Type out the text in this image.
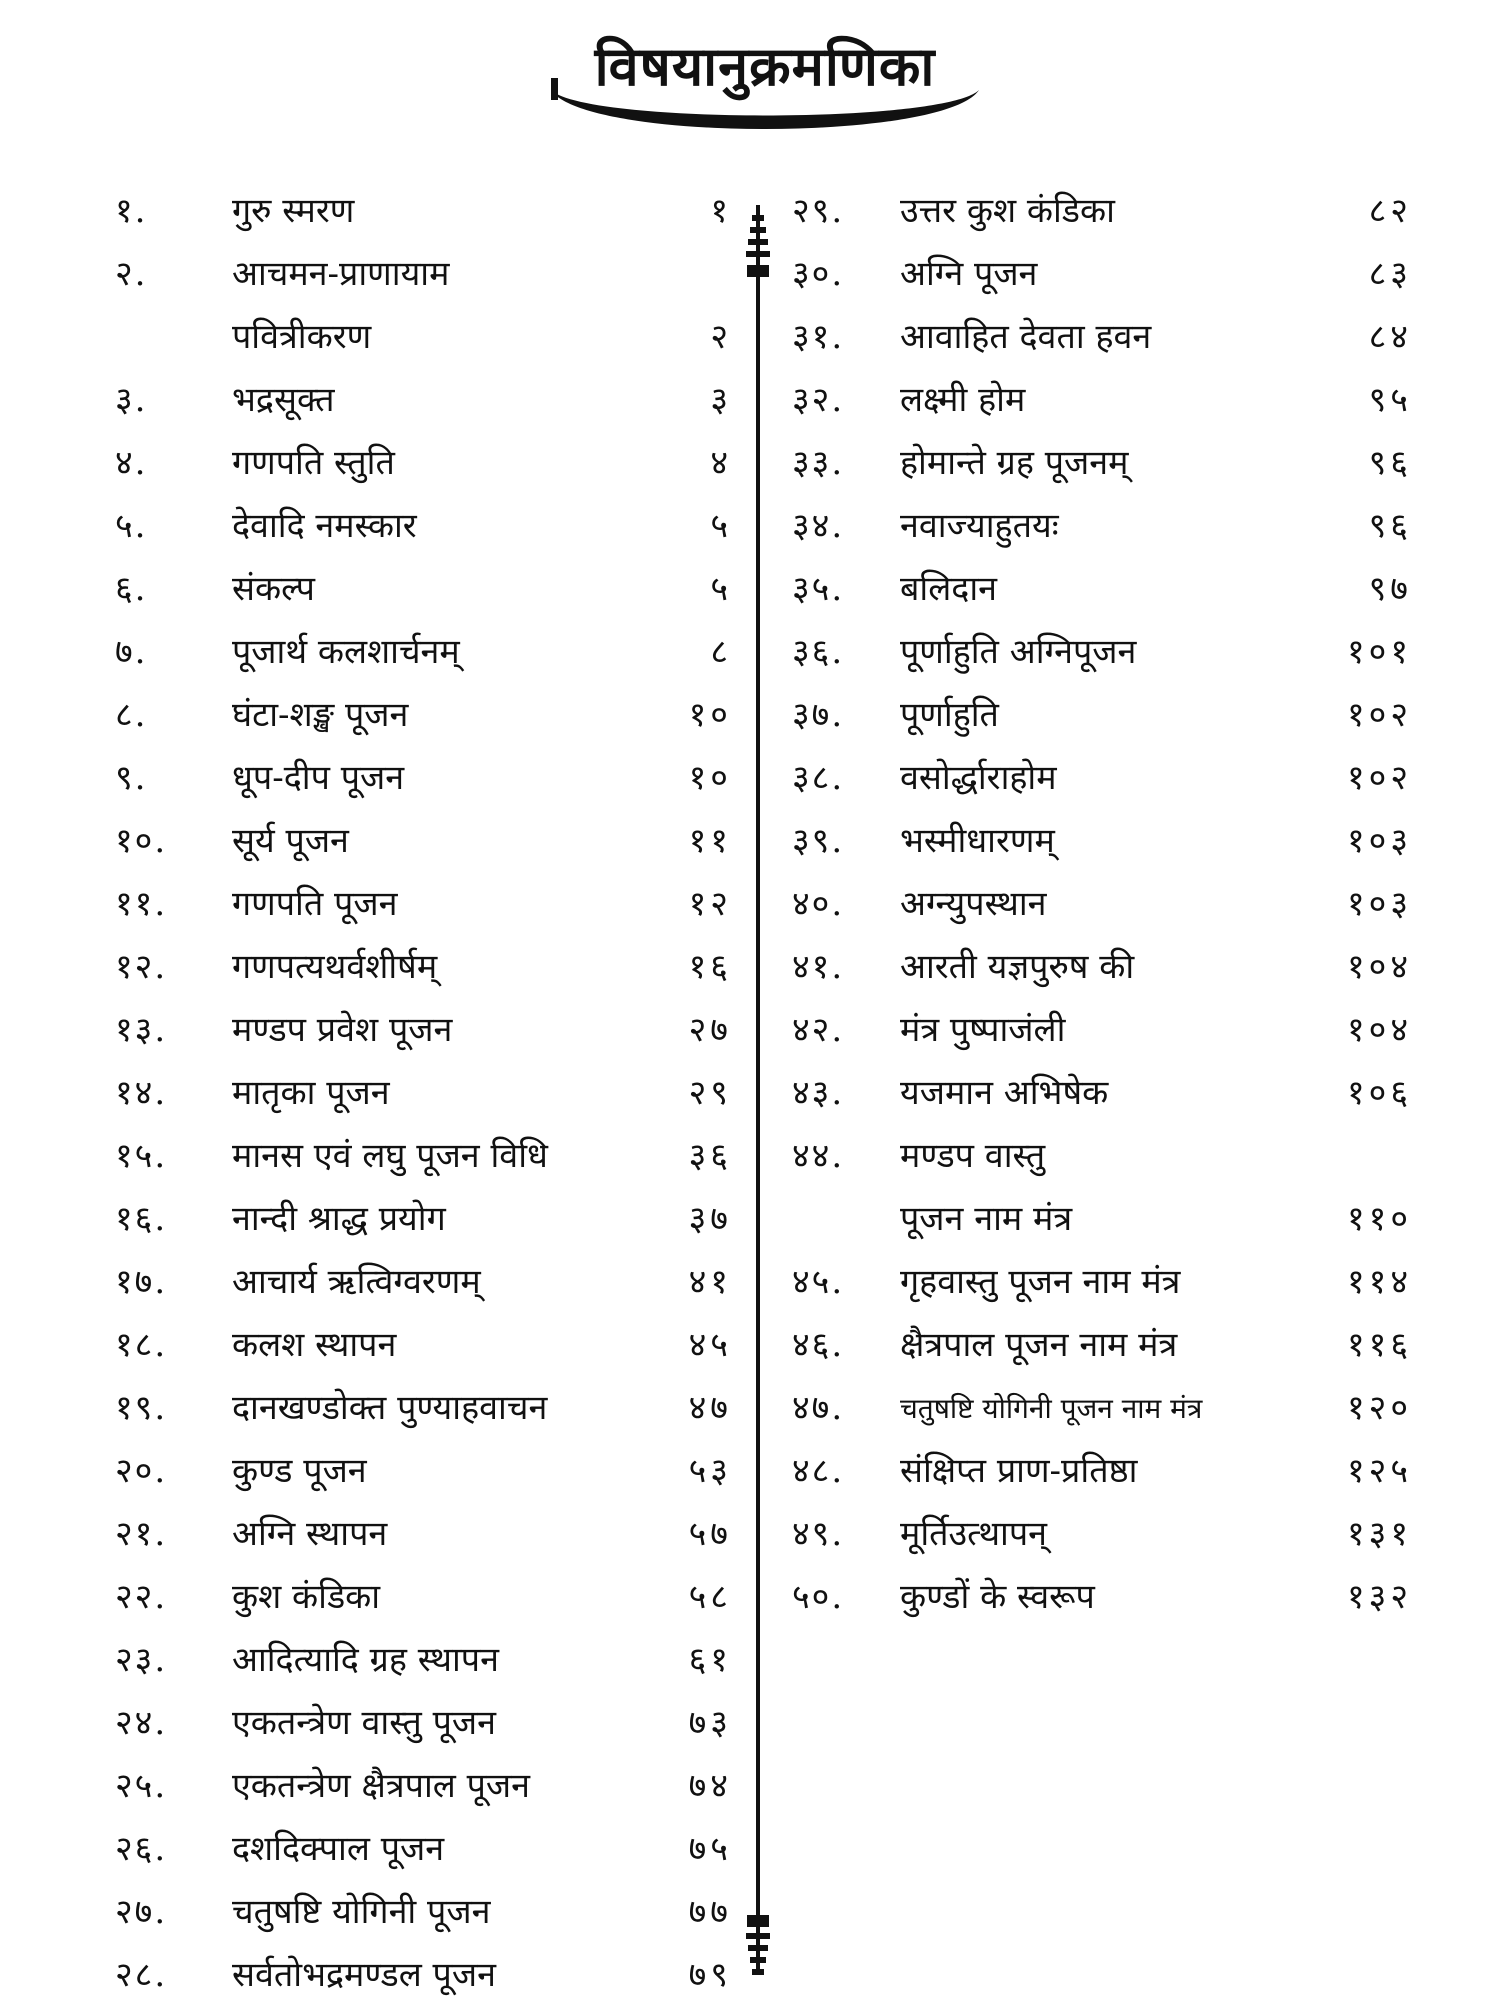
विषयानुक्रमणिका
१. गुरु स्मरण	१
२. आचमन-प्राणायाम
पवित्रीकरण	२
३. भद्रसूक्त	३
४. गणपति स्तुति	४
५. देवादि नमस्कार	५
६. संकल्प	५
७. पूजार्थ कलशार्चनम्	८
८. घंटा-शङ्ख पूजन	१०
९. धूप-दीप पूजन	१०
१०. सूर्य पूजन	११
११. गणपति पूजन	१२
१२. गणपत्यथर्वशीर्षम्	१६
१३. मण्डप प्रवेश पूजन	२७
१४. मातृका पूजन	२९
१५. मानस एवं लघु पूजन विधि	३६
१६. नान्दी श्राद्ध प्रयोग	३७
१७. आचार्य ऋत्विग्वरणम्	४१
१८. कलश स्थापन	४५
१९. दानखण्डोक्त पुण्याहवाचन	४७
२०. कुण्ड पूजन	५३
२१. अग्नि स्थापन	५७
२२. कुश कंडिका	५८
२३. आदित्यादि ग्रह स्थापन	६१
२४. एकतन्त्रेण वास्तु पूजन	७३
२५. एकतन्त्रेण क्षैत्रपाल पूजन	७४
२६. दशदिक्पाल पूजन	७५
२७. चतुषष्टि योगिनी पूजन	७७
२८. सर्वतोभद्रमण्डल पूजन	७९
२९. उत्तर कुश कंडिका	८२
३०. अग्नि पूजन	८३
३१. आवाहित देवता हवन	८४
३२. लक्ष्मी होम	९५
३३. होमान्ते ग्रह पूजनम्	९६
३४. नवाज्याहुतयः	९६
३५. बलिदान	९७
३६. पूर्णाहुति अग्निपूजन	१०१
३७. पूर्णाहुति	१०२
३८. वसोर्द्धाराहोम	१०२
३९. भस्मीधारणम्	१०३
४०. अग्न्युपस्थान	१०३
४१. आरती यज्ञपुरुष की	१०४
४२. मंत्र पुष्पाजंली	१०४
४३. यजमान अभिषेक	१०६
४४. मण्डप वास्तु
पूजन नाम मंत्र	११०
४५. गृहवास्तु पूजन नाम मंत्र	११४
४६. क्षैत्रपाल पूजन नाम मंत्र	११६
४७. चतुषष्टि योगिनी पूजन नाम मंत्र	१२०
४८. संक्षिप्त प्राण-प्रतिष्ठा	१२५
४९. मूर्तिउत्थापन्	१३१
५०. कुण्डों के स्वरूप	१३२
